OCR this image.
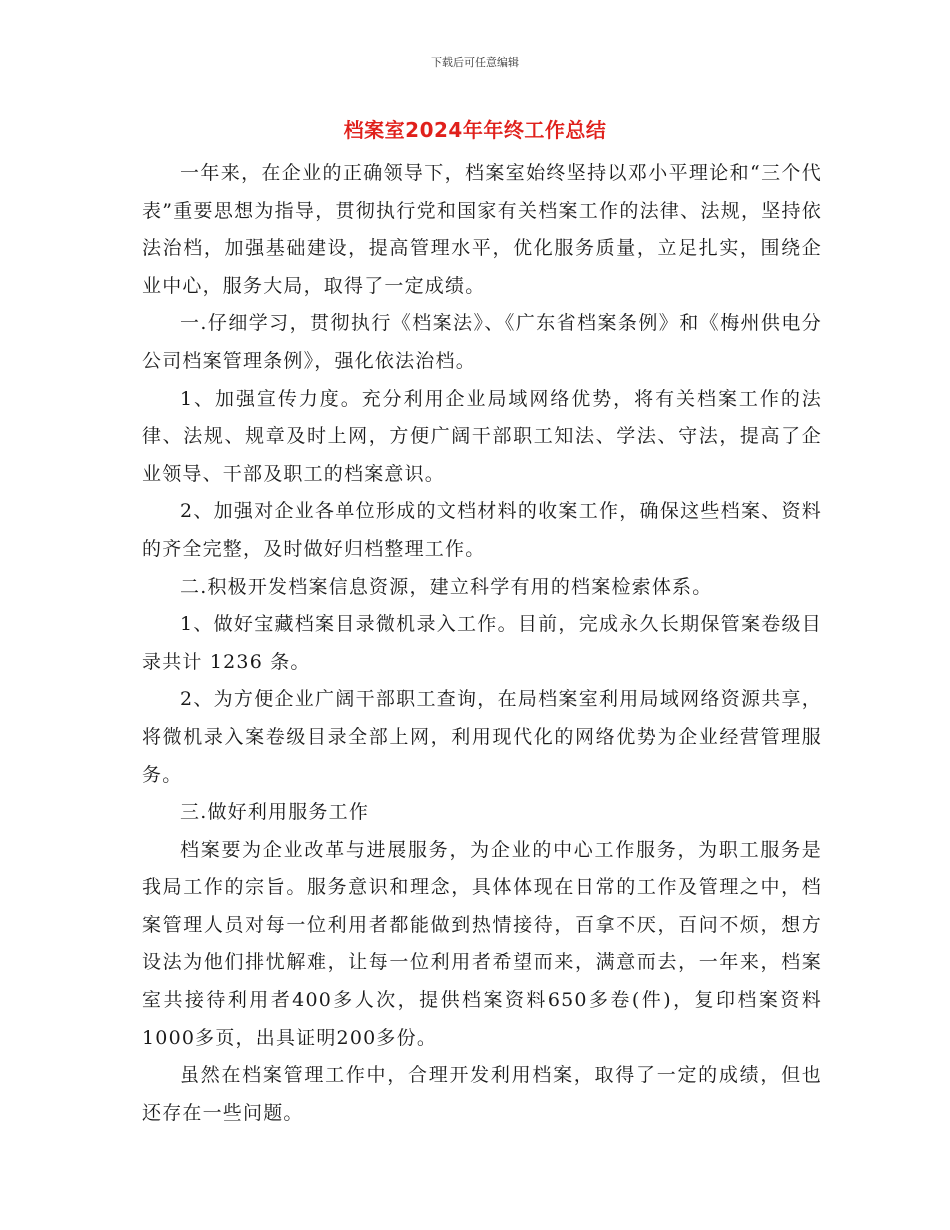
下载后可任意编辑
档案室2024年年终工作总结

一年来，在企业的正确领导下，档案室始终坚持以邓小平理论和“三个代表”重要思想为指导，贯彻执行党和国家有关档案工作的法律、法规，坚持依法治档，加强基础建设，提高管理水平，优化服务质量，立足扎实，围绕企业中心，服务大局，取得了一定成绩。

一.仔细学习，贯彻执行《档案法》、《广东省档案条例》和《梅州供电分公司档案管理条例》，强化依法治档。

1、加强宣传力度。充分利用企业局域网络优势，将有关档案工作的法律、法规、规章及时上网，方便广阔干部职工知法、学法、守法，提高了企业领导、干部及职工的档案意识。

2、加强对企业各单位形成的文档材料的收案工作，确保这些档案、资料的齐全完整，及时做好归档整理工作。

二.积极开发档案信息资源，建立科学有用的档案检索体系。

1、做好宝藏档案目录微机录入工作。目前，完成永久长期保管案卷级目录共计 1236 条。

2、为方便企业广阔干部职工查询，在局档案室利用局域网络资源共享，将微机录入案卷级目录全部上网，利用现代化的网络优势为企业经营管理服务。

三.做好利用服务工作

档案要为企业改革与进展服务，为企业的中心工作服务，为职工服务是我局工作的宗旨。服务意识和理念，具体体现在日常的工作及管理之中，档案管理人员对每一位利用者都能做到热情接待，百拿不厌，百问不烦，想方设法为他们排忧解难，让每一位利用者希望而来，满意而去，一年来，档案室共接待利用者400多人次，提供档案资料650多卷(件)，复印档案资料1000多页，出具证明200多份。

虽然在档案管理工作中，合理开发利用档案，取得了一定的成绩，但也还存在一些问题。
